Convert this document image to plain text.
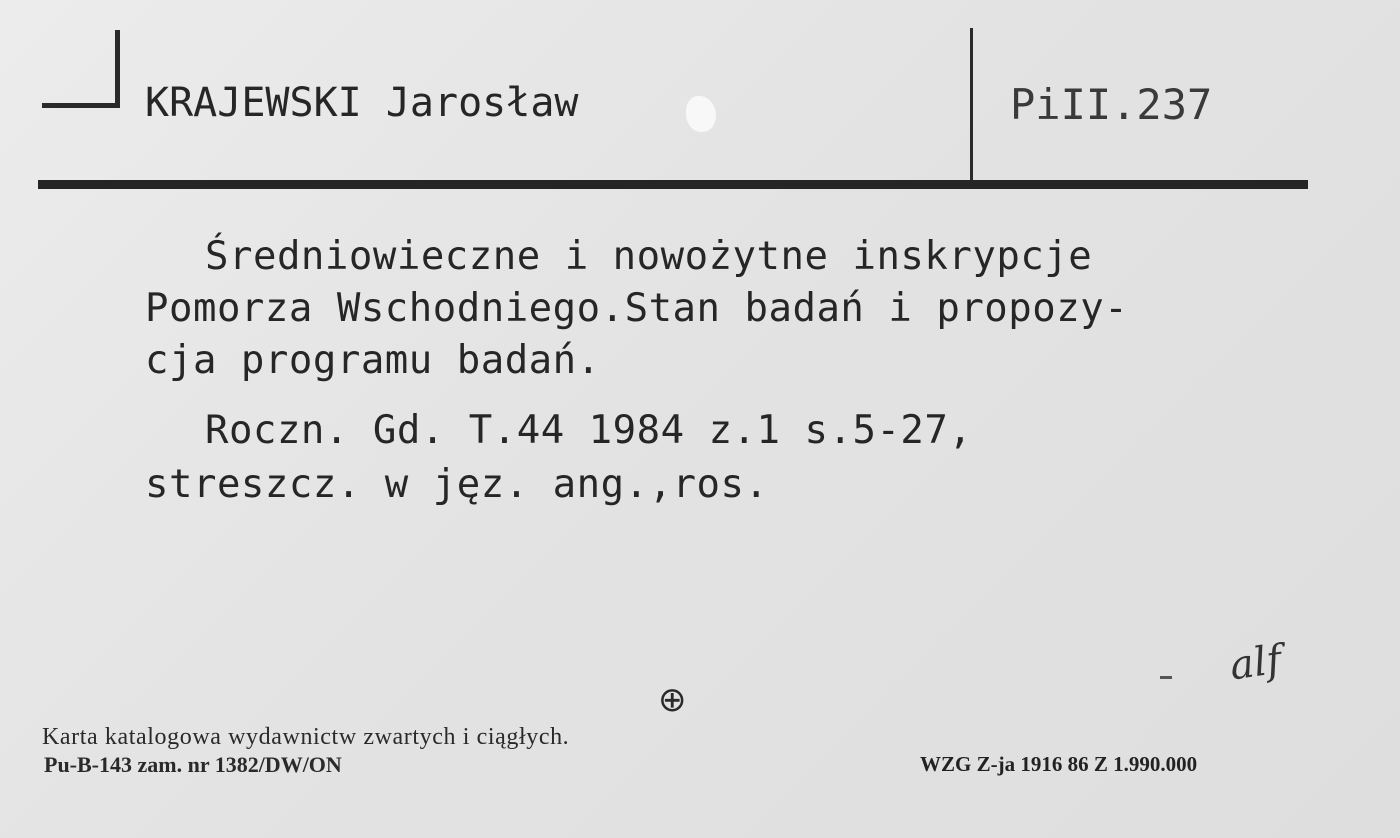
KRAJEWSKI Jarosław	PiII.237
Średniowieczne i nowożytne inskrypcje
Pomorza Wschodniego.Stan badań i propozy-
cja programu badań.
Roczn. Gd. T.44 1984 z.1 s.5-27,
streszcz. w jęz. ang.,ros.
alf
⊕
Karta katalogowa wydawnictw zwartych i ciągłych.
Pu-B-143 zam. nr 1382/DW/ON	WZG Z-ja 1916 86 Z 1.990.000
